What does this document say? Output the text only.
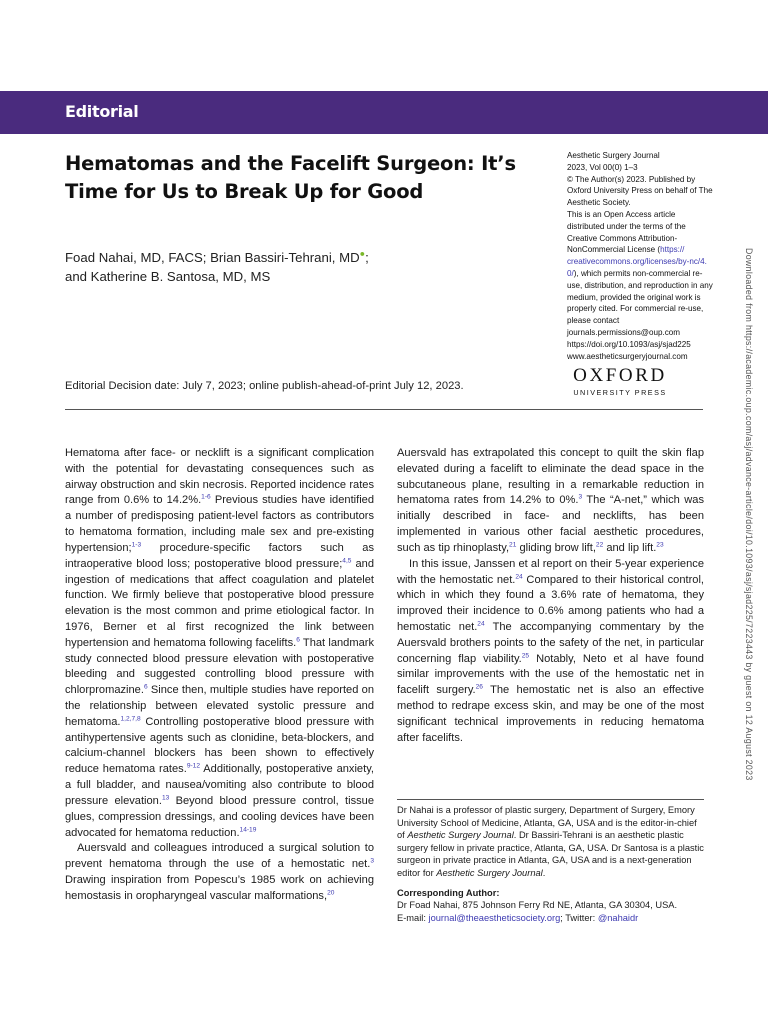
Editorial
Hematomas and the Facelift Surgeon: It’s Time for Us to Break Up for Good
Foad Nahai, MD, FACS; Brian Bassiri-Tehrani, MD●;
and Katherine B. Santosa, MD, MS
Aesthetic Surgery Journal
2023, Vol 00(0) 1–3
© The Author(s) 2023. Published by
Oxford University Press on behalf of The
Aesthetic Society.
This is an Open Access article
distributed under the terms of the
Creative Commons Attribution-
NonCommercial License (https://
creativecommons.org/licenses/by-nc/4.
0/), which permits non-commercial re-
use, distribution, and reproduction in any
medium, provided the original work is
properly cited. For commercial re-use,
please contact
journals.permissions@oup.com
https://doi.org/10.1093/asj/sjad225
www.aestheticsurgeryjournal.com
Editorial Decision date: July 7, 2023; online publish-ahead-of-print July 12, 2023.	OXFORD
UNIVERSITY PRESS

Hematoma after face- or necklift is a significant complication with the potential for devastating consequences such as airway obstruction and skin necrosis. Reported incidence rates range from 0.6% to 14.2%.$^{1-6}$ Previous studies have identified a number of predisposing patient-level factors as contributors to hematoma formation, including male sex and pre-existing hypertension;$^{1-3}$ procedure-specific factors such as intraoperative blood loss; postoperative blood pressure;$^{4,5}$ and ingestion of medications that affect coagulation and platelet function. We firmly believe that postoperative blood pressure elevation is the most common and prime etiological factor. In 1976, Berner et al first recognized the link between hypertension and hematoma following facelifts.$^6$ That landmark study connected blood pressure elevation with postoperative bleeding and suggested controlling blood pressure with chlorpromazine.$^6$ Since then, multiple studies have reported on the relationship between elevated systolic pressure and hematoma.$^{1,2,7,8}$ Controlling postoperative blood pressure with antihypertensive agents such as clonidine, beta-blockers, and calcium-channel blockers has been shown to effectively reduce hematoma rates.$^{9-12}$ Additionally, postoperative anxiety, a full bladder, and nausea/vomiting also contribute to blood pressure elevation.$^{13}$ Beyond blood pressure control, tissue glues, compression dressings, and cooling devices have been advocated for hematoma reduction.$^{14-19}$

Auersvald and colleagues introduced a surgical solution to prevent hematoma through the use of a hemostatic net.$^3$ Drawing inspiration from Popescu’s 1985 work on achieving hemostasis in oropharyngeal vascular malformations,$^{20}$

Auersvald has extrapolated this concept to quilt the skin flap elevated during a facelift to eliminate the dead space in the subcutaneous plane, resulting in a remarkable reduction in hematoma rates from 14.2% to 0%.$^3$ The “A-net,” which was initially described in face- and necklifts, has been implemented in various other facial aesthetic procedures, such as tip rhinoplasty,$^{21}$ gliding brow lift,$^{22}$ and lip lift.$^{23}$

In this issue, Janssen et al report on their 5-year experience with the hemostatic net.$^{24}$ Compared to their historical control, which in which they found a 3.6% rate of hematoma, they improved their incidence to 0.6% among patients who had a hemostatic net.$^{24}$ The accompanying commentary by the Auersvald brothers points to the safety of the net, in particular concerning flap viability.$^{25}$ Notably, Neto et al have found similar improvements with the use of the hemostatic net in facelift surgery.$^{26}$ The hemostatic net is also an effective method to redrape excess skin, and may be one of the most significant technical improvements in reducing hematoma after facelifts.

Dr Nahai is a professor of plastic surgery, Department of Surgery, Emory University School of Medicine, Atlanta, GA, USA and is the editor-in-chief of Aesthetic Surgery Journal. Dr Bassiri-Tehrani is an aesthetic plastic surgery fellow in private practice, Atlanta, GA, USA. Dr Santosa is a plastic surgeon in private practice in Atlanta, GA, USA and is a next-generation editor for Aesthetic Surgery Journal.

Corresponding Author:

Dr Foad Nahai, 875 Johnson Ferry Rd NE, Atlanta, GA 30304, USA.

E-mail: journal@theaestheticsociety.org; Twitter: @nahaidr

Downloaded from https://academic.oup.com/asj/advance-article/doi/10.1093/asj/sjad225/7223443 by guest on 12 August 2023
